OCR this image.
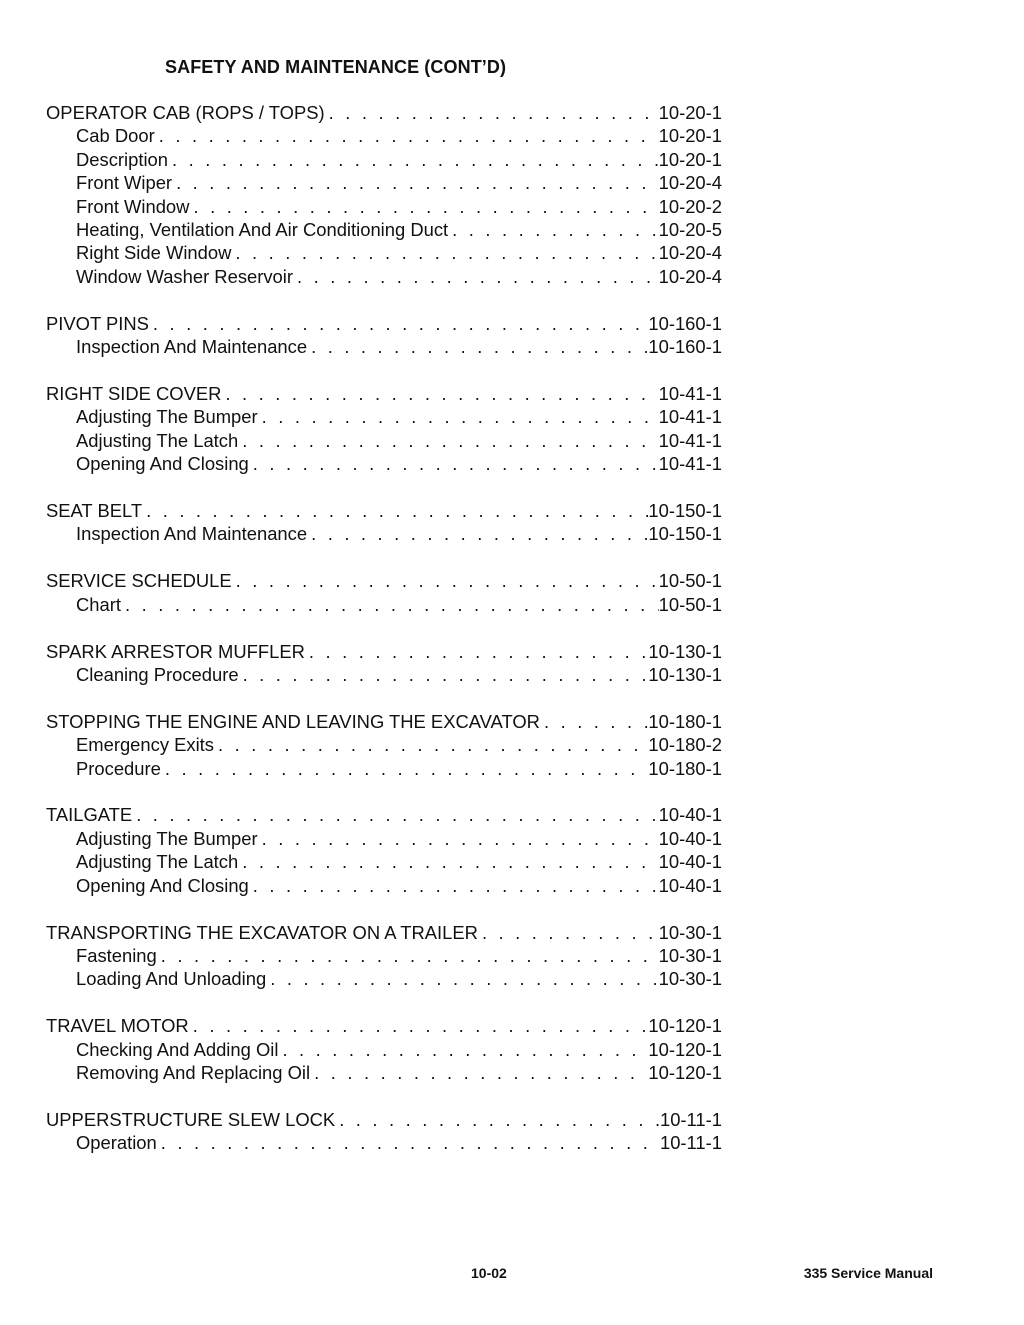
SAFETY AND MAINTENANCE (CONT’D)
OPERATOR CAB (ROPS / TOPS) . . .	10-20-1
Cab Door . . .	10-20-1
Description . . .	10-20-1
Front Wiper . . .	10-20-4
Front Window . . .	10-20-2
Heating, Ventilation And Air Conditioning Duct . . .	10-20-5
Right Side Window . . .	10-20-4
Window Washer Reservoir . . .	10-20-4
PIVOT PINS . . .	10-160-1
Inspection And Maintenance . . .	10-160-1
RIGHT SIDE COVER . . .	10-41-1
Adjusting The Bumper . . .	10-41-1
Adjusting The Latch . . .	10-41-1
Opening And Closing . . .	10-41-1
SEAT BELT . . .	10-150-1
Inspection And Maintenance . . .	10-150-1
SERVICE SCHEDULE . . .	10-50-1
Chart . . .	10-50-1
SPARK ARRESTOR MUFFLER . . .	10-130-1
Cleaning Procedure . . .	10-130-1
STOPPING THE ENGINE AND LEAVING THE EXCAVATOR . . .	10-180-1
Emergency Exits . . .	10-180-2
Procedure . . .	10-180-1
TAILGATE . . .	10-40-1
Adjusting The Bumper . . .	10-40-1
Adjusting The Latch . . .	10-40-1
Opening And Closing . . .	10-40-1
TRANSPORTING THE EXCAVATOR ON A TRAILER . . .	10-30-1
Fastening . . .	10-30-1
Loading And Unloading . . .	10-30-1
TRAVEL MOTOR . . .	10-120-1
Checking And Adding Oil . . .	10-120-1
Removing And Replacing Oil . . .	10-120-1
UPPERSTRUCTURE SLEW LOCK . . .	10-11-1
Operation . . .	10-11-1
10-02	335 Service Manual
